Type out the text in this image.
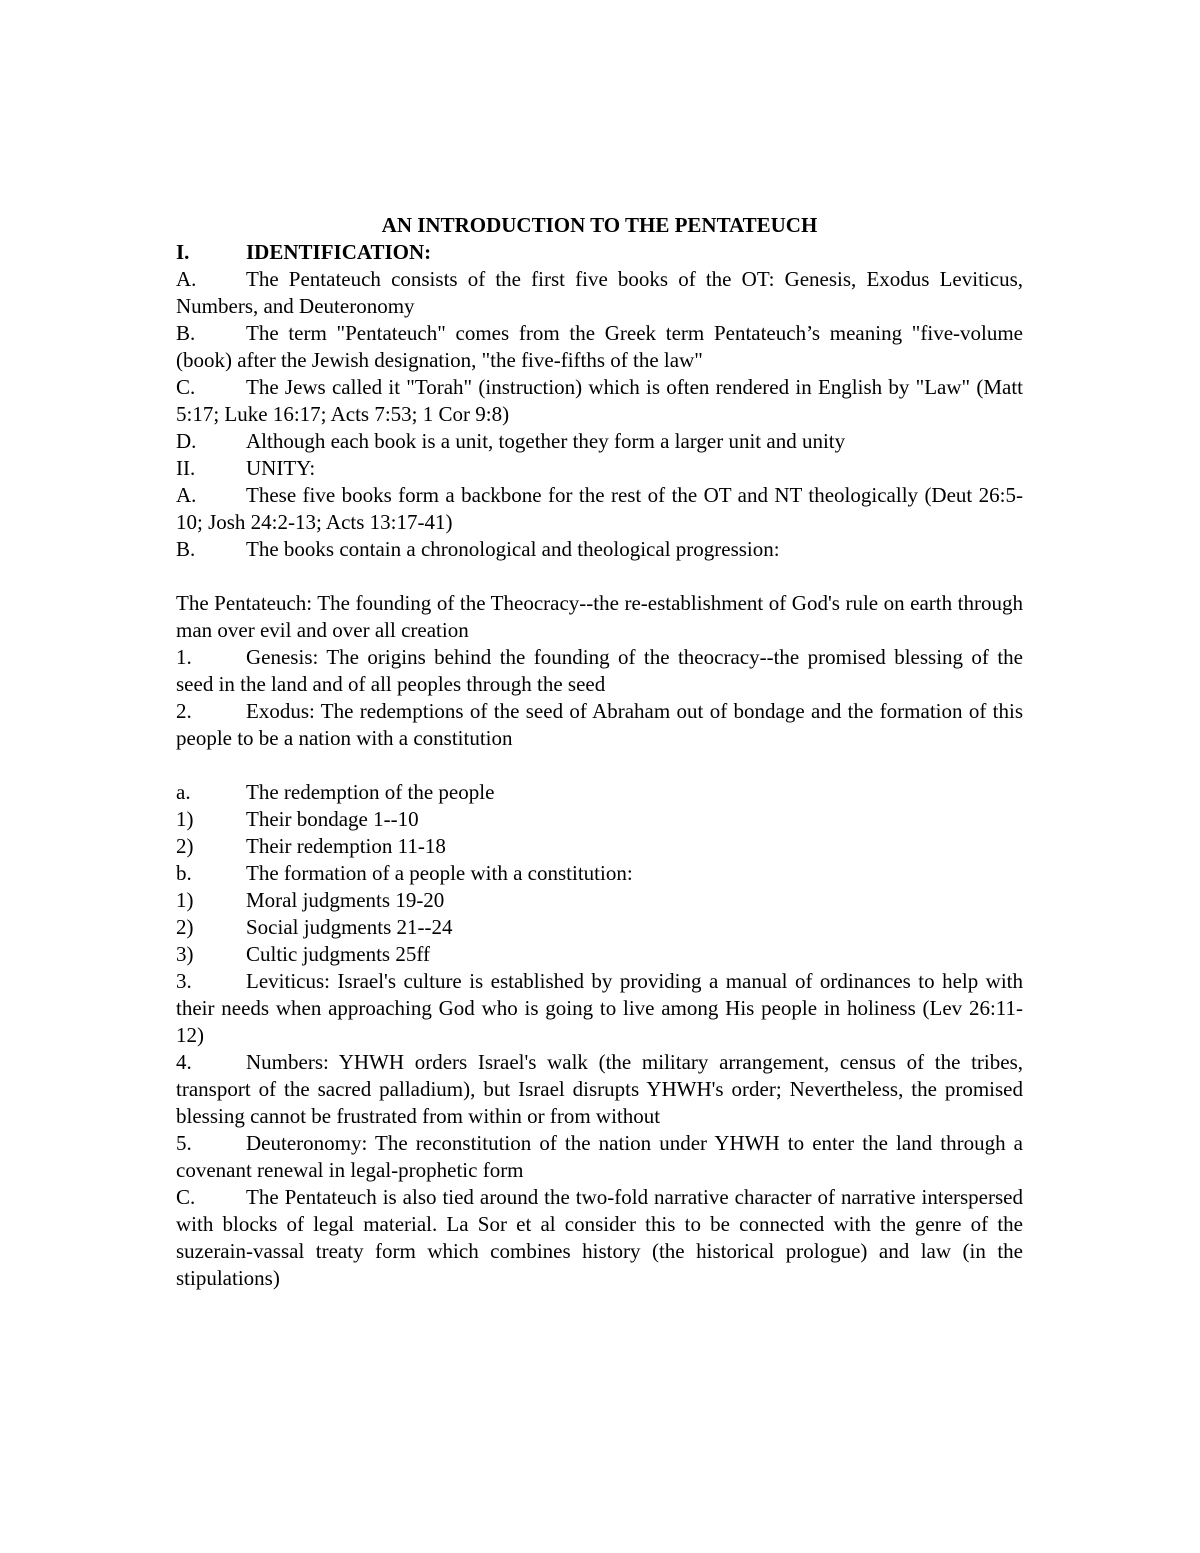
AN INTRODUCTION TO THE PENTATEUCH
I.	IDENTIFICATION:
A. The Pentateuch consists of the first five books of the OT: Genesis, Exodus Leviticus, Numbers, and Deuteronomy
B. The term "Pentateuch" comes from the Greek term Pentateuch’s meaning "five-volume (book) after the Jewish designation, "the five-fifths of the law"
C. The Jews called it "Torah" (instruction) which is often rendered in English by "Law" (Matt 5:17; Luke 16:17; Acts 7:53; 1 Cor 9:8)
D. Although each book is a unit, together they form a larger unit and unity
II.	UNITY:
A. These five books form a backbone for the rest of the OT and NT theologically (Deut 26:5-10; Josh 24:2-13; Acts 13:17-41)
B. The books contain a chronological and theological progression:
The Pentateuch: The founding of the Theocracy--the re-establishment of God's rule on earth through man over evil and over all creation
1.	Genesis: The origins behind the founding of the theocracy--the promised blessing of the seed in the land and of all peoples through the seed
2.	Exodus: The redemptions of the seed of Abraham out of bondage and the formation of this people to be a nation with a constitution
a.	The redemption of the people
1)	Their bondage 1--10
2)	Their redemption 11-18
b.	The formation of a people with a constitution:
1)	Moral judgments 19-20
2)	Social judgments 21--24
3)	Cultic judgments 25ff
3.	Leviticus: Israel's culture is established by providing a manual of ordinances to help with their needs when approaching God who is going to live among His people in holiness (Lev 26:11-12)
4.	Numbers: YHWH orders Israel's walk (the military arrangement, census of the tribes, transport of the sacred palladium), but Israel disrupts YHWH's order; Nevertheless, the promised blessing cannot be frustrated from within or from without
5.	Deuteronomy: The reconstitution of the nation under YHWH to enter the land through a covenant renewal in legal-prophetic form
C. The Pentateuch is also tied around the two-fold narrative character of narrative interspersed with blocks of legal material. La Sor et al consider this to be connected with the genre of the suzerain-vassal treaty form which combines history (the historical prologue) and law (in the stipulations)
